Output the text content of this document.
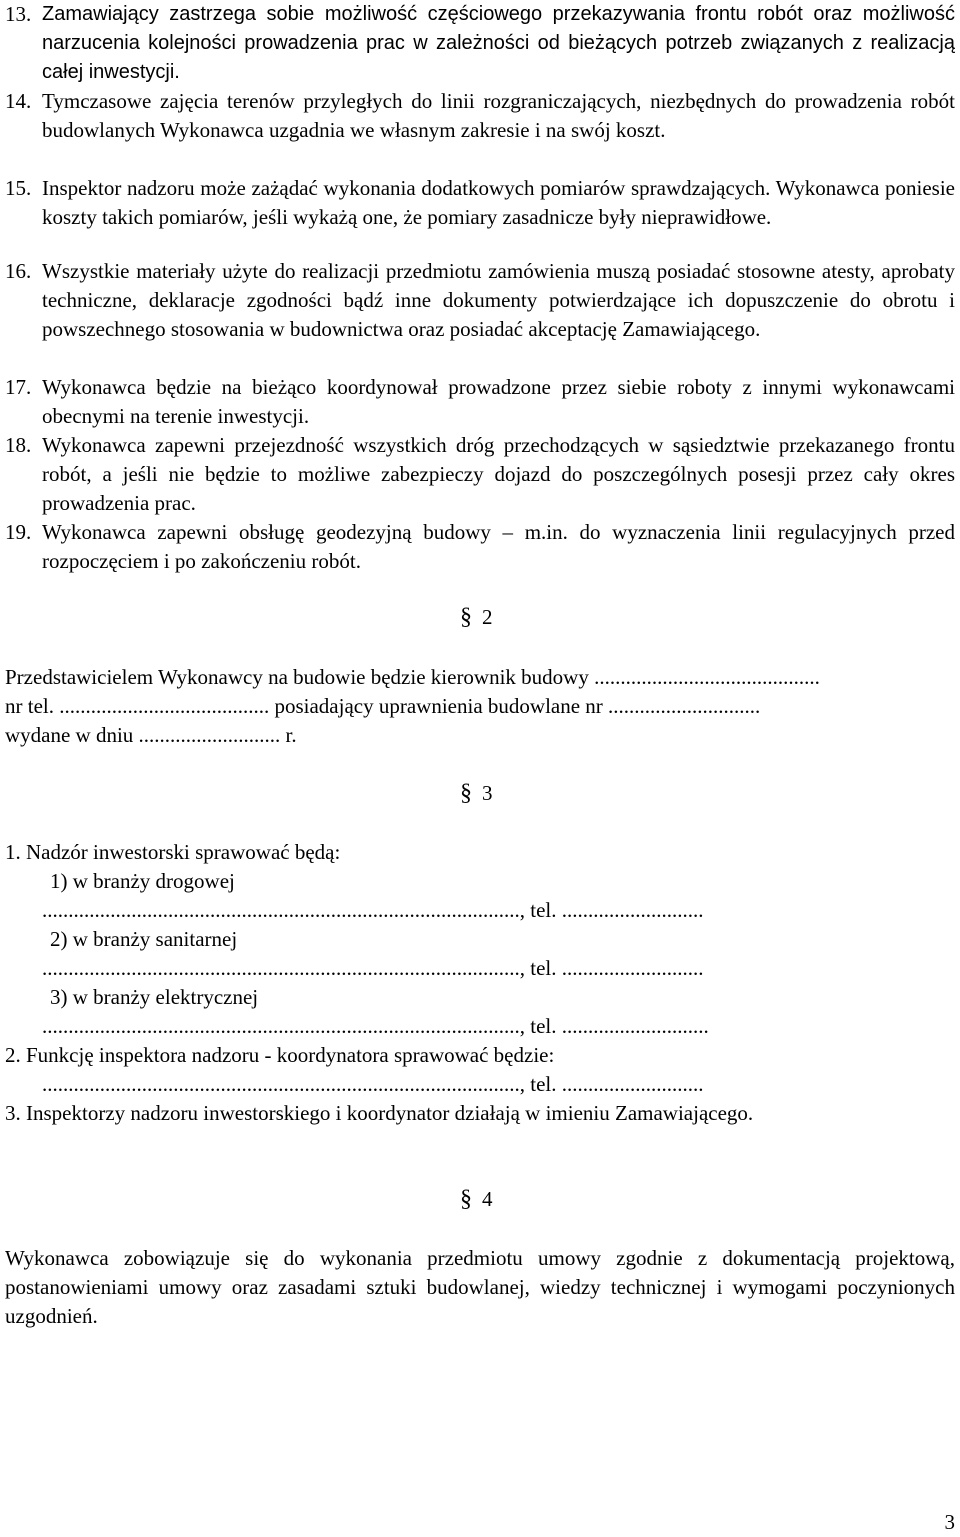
13. Zamawiający zastrzega sobie możliwość częściowego przekazywania frontu robót oraz możliwość narzucenia kolejności prowadzenia prac w zależności od bieżących potrzeb związanych z realizacją całej inwestycji.
14. Tymczasowe zajęcia terenów przyległych do linii rozgraniczających, niezbędnych do prowadzenia robót budowlanych Wykonawca uzgadnia we własnym zakresie i na swój koszt.
15. Inspektor nadzoru może zażądać wykonania dodatkowych pomiarów sprawdzających. Wykonawca poniesie koszty takich pomiarów, jeśli wykażą one, że pomiary zasadnicze były nieprawidłowe.
16. Wszystkie materiały użyte do realizacji przedmiotu zamówienia muszą posiadać stosowne atesty, aprobaty techniczne, deklaracje zgodności bądź inne dokumenty potwierdzające ich dopuszczenie do obrotu i powszechnego stosowania w budownictwa oraz posiadać akceptację Zamawiającego.
17. Wykonawca będzie na bieżąco koordynował prowadzone przez siebie roboty z innymi wykonawcami obecnymi na terenie inwestycji.
18. Wykonawca zapewni przejezdność wszystkich dróg przechodzących w sąsiedztwie przekazanego frontu robót, a jeśli nie będzie to możliwe zabezpieczy dojazd do poszczególnych posesji przez cały okres prowadzenia prac.
19. Wykonawca zapewni obsługę geodezyjną budowy – m.in. do wyznaczenia linii regulacyjnych przed rozpoczęciem i po zakończeniu robót.
§ 2
Przedstawicielem Wykonawcy na budowie będzie kierownik budowy ...........................................
nr tel. ........................................ posiadający uprawnienia budowlane nr .............................
wydane w dniu ........................... r.
§ 3
1. Nadzór inwestorski sprawować będą:
1) w branży drogowej
..........................................................................................., tel. ...........................
2) w branży sanitarnej
..........................................................................................., tel. ...........................
3) w branży elektrycznej
..........................................................................................., tel. ............................
2. Funkcję inspektora nadzoru - koordynatora sprawować będzie:
..........................................................................................., tel. ...........................
3. Inspektorzy nadzoru inwestorskiego i koordynator działają w imieniu Zamawiającego.
§ 4
Wykonawca zobowiązuje się do wykonania przedmiotu umowy zgodnie z dokumentacją projektową, postanowieniami umowy oraz zasadami sztuki budowlanej, wiedzy technicznej i wymogami poczynionych uzgodnień.
3
